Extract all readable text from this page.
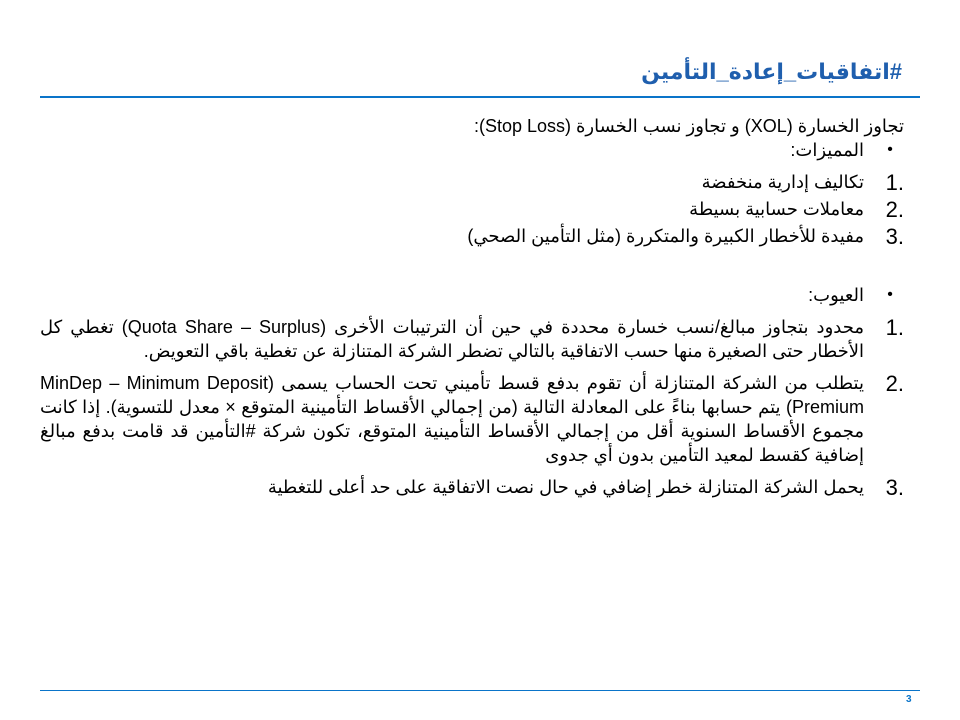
#اتفاقيات_إعادة_التأمين

تجاوز الخسارة (XOL) و تجاوز نسب الخسارة (Stop Loss):

•
المميزات:
1.
تكاليف إدارية منخفضة
2.
معاملات حسابية بسيطة
3.
مفيدة للأخطار الكبيرة والمتكررة (مثل التأمين الصحي)
•
العيوب:
1.
محدود بتجاوز مبالغ/نسب خسارة محددة في حين أن الترتيبات الأخرى (Quota Share – Surplus) تغطي كل الأخطار حتى الصغيرة منها حسب الاتفاقية بالتالي تضطر الشركة المتنازلة عن تغطية باقي التعويض.
2.
يتطلب من الشركة المتنازلة أن تقوم بدفع قسط تأميني تحت الحساب يسمى (MinDep – Minimum Deposit Premium) يتم حسابها بناءً على المعادلة التالية (من إجمالي الأقساط التأمينية المتوقع × معدل للتسوية). إذا كانت مجموع الأقساط السنوية أقل من إجمالي الأقساط التأمينية المتوقع، تكون شركة #التأمين قد قامت بدفع مبالغ إضافية كقسط لمعيد التأمين بدون أي جدوى
3.
يحمل الشركة المتنازلة خطر إضافي في حال نصت الاتفاقية على حد أعلى للتغطية
3
